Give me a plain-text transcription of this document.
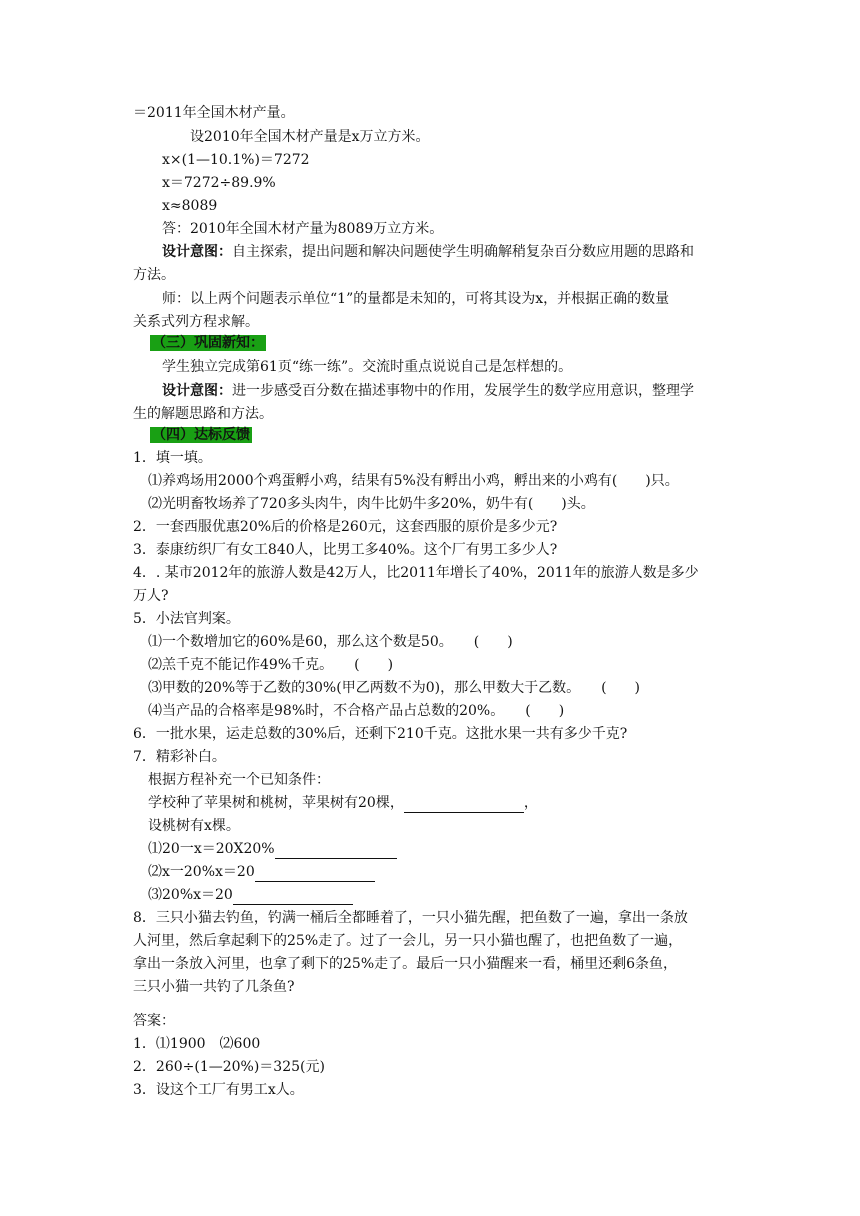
＝2011年全国木材产量。
设2010年全国木材产量是x万立方米。
x×(1—10.1%)＝7272
x＝7272÷89.9%
x≈8089
答：2010年全国木材产量为8089万立方米。
设计意图：自主探索，提出问题和解决问题使学生明确解稍复杂百分数应用题的思路和
方法。
师：以上两个问题表示单位“1”的量都是未知的，可将其设为x，并根据正确的数量
关系式列方程求解。
（三）巩固新知：
学生独立完成第61页“练一练”。交流时重点说说自己是怎样想的。
设计意图：进一步感受百分数在描述事物中的作用，发展学生的数学应用意识，整理学
生的解题思路和方法。
（四）达标反馈
1．填一填。
⑴养鸡场用2000个鸡蛋孵小鸡，结果有5%没有孵出小鸡，孵出来的小鸡有(　　)只。
⑵光明畜牧场养了720多头肉牛，肉牛比奶牛多20%，奶牛有(　　)头。
2．一套西服优惠20%后的价格是260元，这套西服的原价是多少元?
3．泰康纺织厂有女工840人，比男工多40%。这个厂有男工多少人?
4．. 某市2012年的旅游人数是42万人，比2011年增长了40%，2011年的旅游人数是多少
万人?
5．小法官判案。
⑴一个数增加它的60%是60，那么这个数是50。　　(　　)
⑵羔千克不能记作49%千克。　　(　　)
⑶甲数的20%等于乙数的30%(甲乙两数不为0)，那么甲数大于乙数。　　(　　)
⑷当产品的合格率是98%时，不合格产品占总数的20%。　　(　　)
6．一批水果，运走总数的30%后，还剩下210千克。这批水果一共有多少千克?
7．精彩补白。
根据方程补充一个已知条件：
学校种了苹果树和桃树，苹果树有20棵，	，
设桃树有x棵。
⑴20一x＝20X20%
⑵x一20%x＝20
⑶20%x＝20
8．三只小猫去钓鱼，钓满一桶后全都睡着了，一只小猫先醒，把鱼数了一遍，拿出一条放
人河里，然后拿起剩下的25%走了。过了一会儿，另一只小猫也醒了，也把鱼数了一遍，
拿出一条放入河里，也拿了剩下的25%走了。最后一只小猫醒来一看，桶里还剩6条鱼，
三只小猫一共钓了几条鱼?
答案：
1．⑴1900　⑵600
2．260÷(1—20%)＝325(元)
3．设这个工厂有男工x人。
